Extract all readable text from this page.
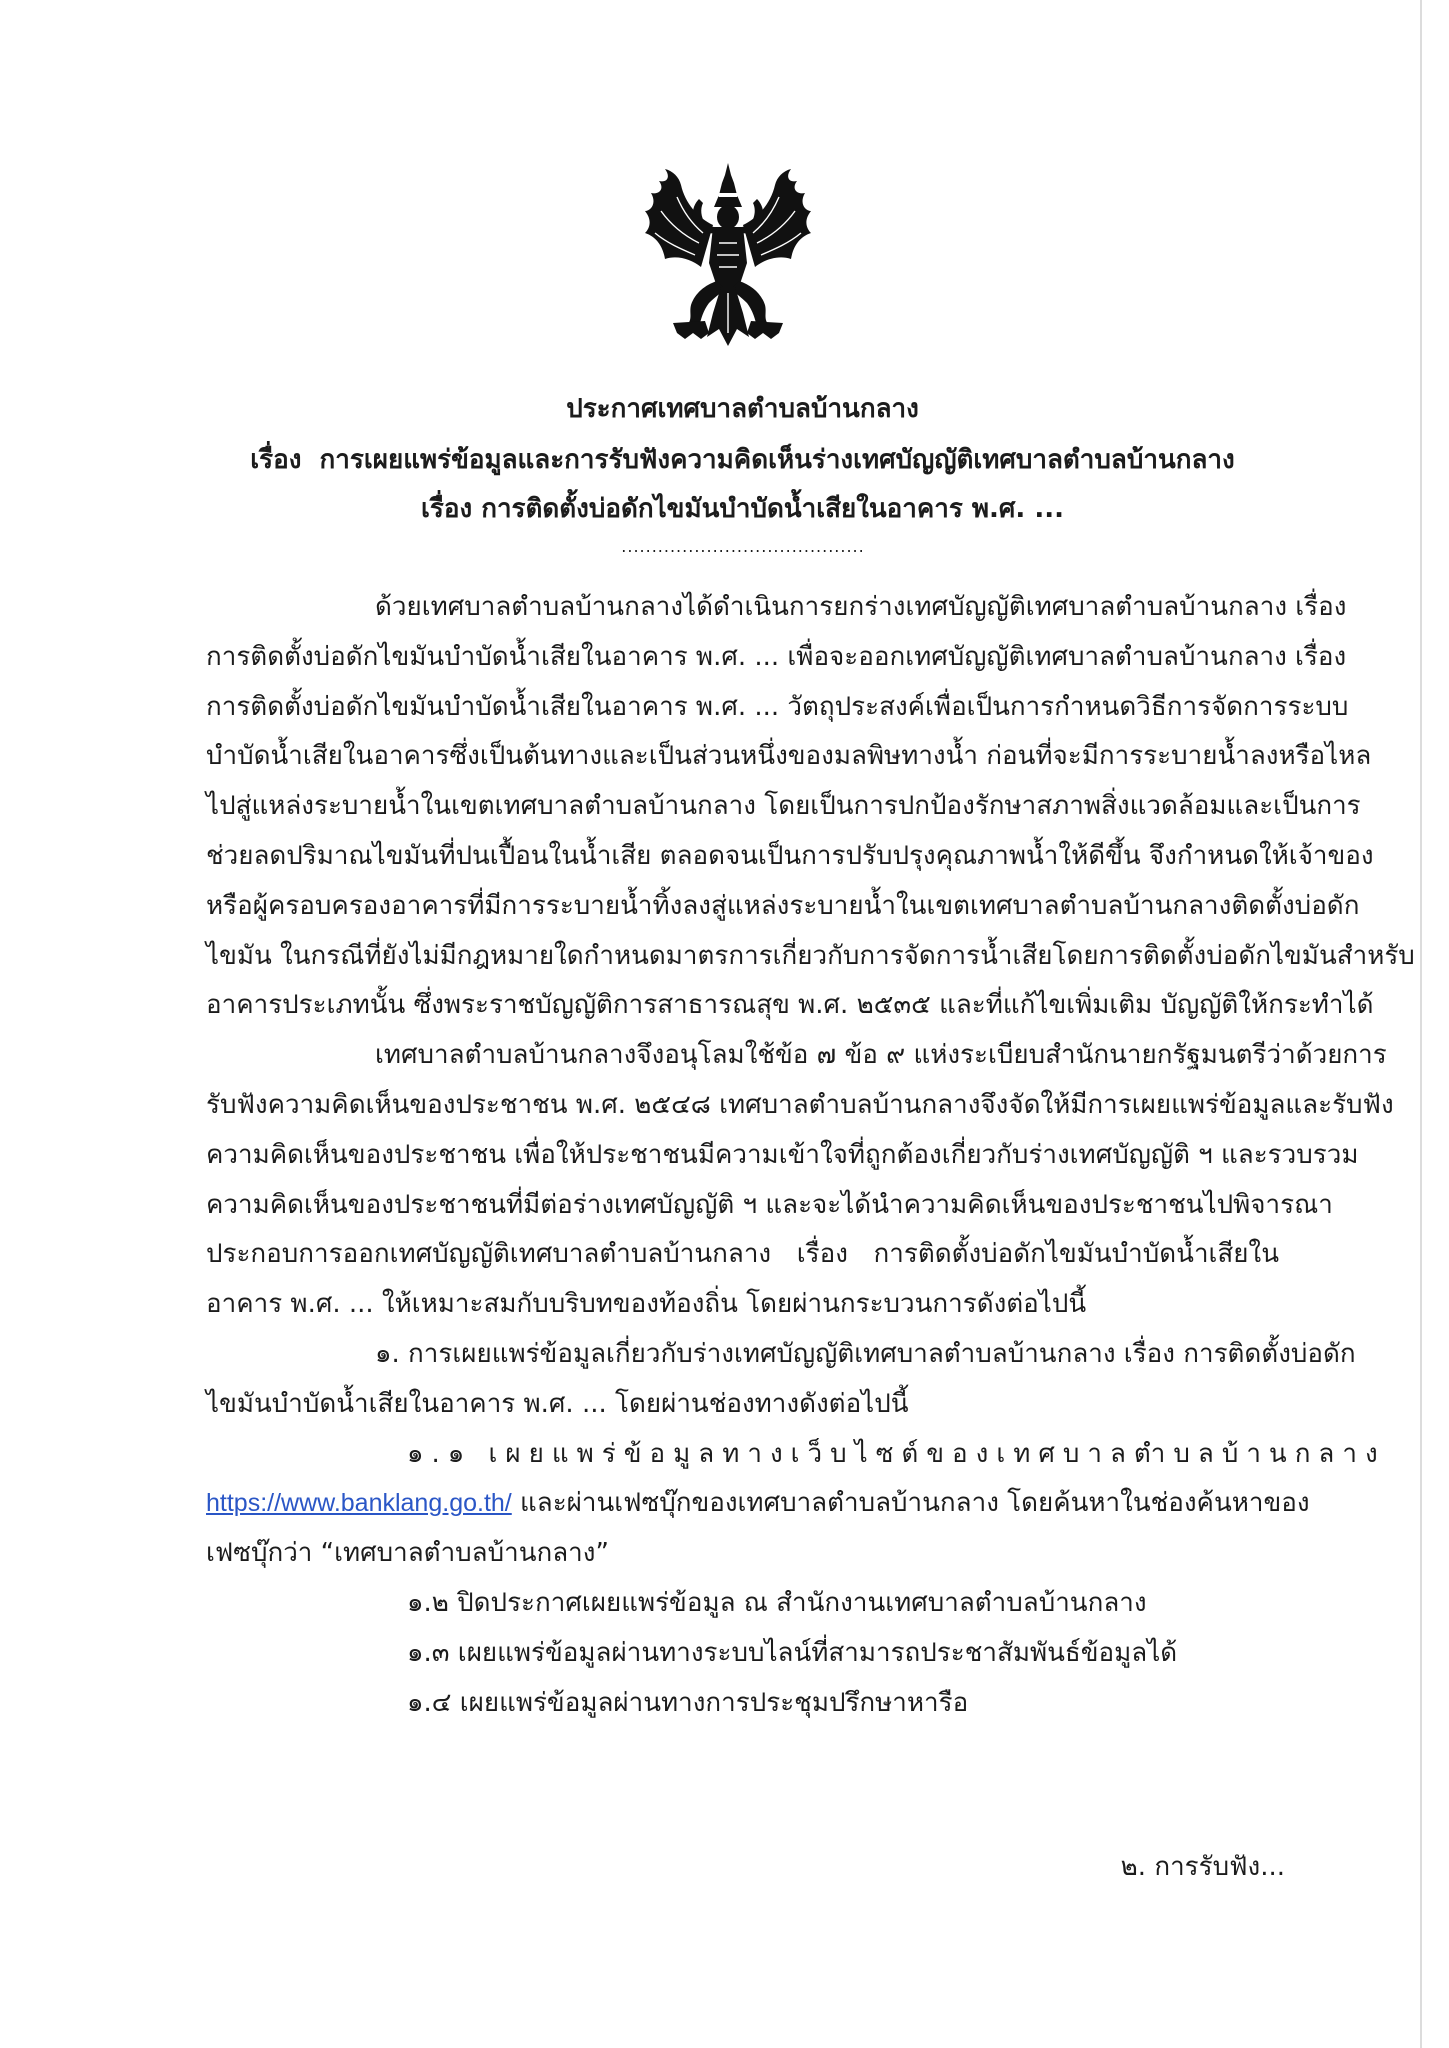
ประกาศเทศบาลตำบลบ้านกลาง
เรื่อง  การเผยแพร่ข้อมูลและการรับฟังความคิดเห็นร่างเทศบัญญัติเทศบาลตำบลบ้านกลาง
เรื่อง การติดตั้งบ่อดักไขมันบำบัดน้ำเสียในอาคาร พ.ศ. ...
........................................
ด้วยเทศบาลตำบลบ้านกลางได้ดำเนินการยกร่างเทศบัญญัติเทศบาลตำบลบ้านกลาง เรื่อง
การติดตั้งบ่อดักไขมันบำบัดน้ำเสียในอาคาร พ.ศ. ... เพื่อจะออกเทศบัญญัติเทศบาลตำบลบ้านกลาง เรื่อง
การติดตั้งบ่อดักไขมันบำบัดน้ำเสียในอาคาร พ.ศ. ... วัตถุประสงค์เพื่อเป็นการกำหนดวิธีการจัดการระบบ
บำบัดน้ำเสียในอาคารซึ่งเป็นต้นทางและเป็นส่วนหนึ่งของมลพิษทางน้ำ ก่อนที่จะมีการระบายน้ำลงหรือไหล
ไปสู่แหล่งระบายน้ำในเขตเทศบาลตำบลบ้านกลาง โดยเป็นการปกป้องรักษาสภาพสิ่งแวดล้อมและเป็นการ
ช่วยลดปริมาณไขมันที่ปนเปื้อนในน้ำเสีย ตลอดจนเป็นการปรับปรุงคุณภาพน้ำให้ดีขึ้น จึงกำหนดให้เจ้าของ
หรือผู้ครอบครองอาคารที่มีการระบายน้ำทิ้งลงสู่แหล่งระบายน้ำในเขตเทศบาลตำบลบ้านกลางติดตั้งบ่อดัก
ไขมัน ในกรณีที่ยังไม่มีกฎหมายใดกำหนดมาตรการเกี่ยวกับการจัดการน้ำเสียโดยการติดตั้งบ่อดักไขมันสำหรับ
อาคารประเภทนั้น ซึ่งพระราชบัญญัติการสาธารณสุข พ.ศ. ๒๕๓๕ และที่แก้ไขเพิ่มเติม บัญญัติให้กระทำได้
เทศบาลตำบลบ้านกลางจึงอนุโลมใช้ข้อ ๗ ข้อ ๙ แห่งระเบียบสำนักนายกรัฐมนตรีว่าด้วยการ
รับฟังความคิดเห็นของประชาชน พ.ศ. ๒๕๔๘ เทศบาลตำบลบ้านกลางจึงจัดให้มีการเผยแพร่ข้อมูลและรับฟัง
ความคิดเห็นของประชาชน เพื่อให้ประชาชนมีความเข้าใจที่ถูกต้องเกี่ยวกับร่างเทศบัญญัติ ฯ และรวบรวม
ความคิดเห็นของประชาชนที่มีต่อร่างเทศบัญญัติ ฯ และจะได้นำความคิดเห็นของประชาชนไปพิจารณา
ประกอบการออกเทศบัญญัติเทศบาลตำบลบ้านกลาง เรื่อง การติดตั้งบ่อดักไขมันบำบัดน้ำเสียใน
อาคาร พ.ศ. ... ให้เหมาะสมกับบริบทของท้องถิ่น โดยผ่านกระบวนการดังต่อไปนี้
๑. การเผยแพร่ข้อมูลเกี่ยวกับร่างเทศบัญญัติเทศบาลตำบลบ้านกลาง เรื่อง การติดตั้งบ่อดัก
ไขมันบำบัดน้ำเสียในอาคาร พ.ศ. ... โดยผ่านช่องทางดังต่อไปนี้
๑.๑ เผยแพร่ข้อมูลทางเว็บไซต์ของเทศบาลตำบลบ้านกลาง
https://www.banklang.go.th/ และผ่านเฟซบุ๊กของเทศบาลตำบลบ้านกลาง โดยค้นหาในช่องค้นหาของ
เฟซบุ๊กว่า “เทศบาลตำบลบ้านกลาง”
๑.๒ ปิดประกาศเผยแพร่ข้อมูล ณ สำนักงานเทศบาลตำบลบ้านกลาง
๑.๓ เผยแพร่ข้อมูลผ่านทางระบบไลน์ที่สามารถประชาสัมพันธ์ข้อมูลได้
๑.๔ เผยแพร่ข้อมูลผ่านทางการประชุมปรึกษาหารือ
๒. การรับฟัง...
